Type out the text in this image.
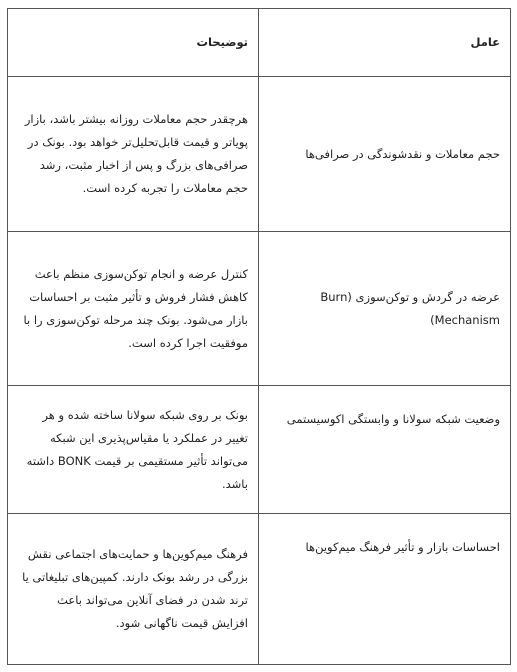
عامل	توضیحات
حجم معاملات و نقدشوندگی در صرافی‌ها	هرچقدر حجم معاملات روزانه بیشتر باشد، بازار پویاتر و قیمت قابل‌تحلیل‌تر خواهد بود. بونک در صرافی‌های بزرگ و پس از اخبار مثبت، رشد حجم معاملات را تجربه کرده است.
عرضه در گردش و توکن‌سوزی (Burn Mechanism)	کنترل عرضه و انجام توکن‌سوزی منظم باعث کاهش فشار فروش و تأثیر مثبت بر احساسات بازار می‌شود. بونک چند مرحله توکن‌سوزی را با موفقیت اجرا کرده است.
وضعیت شبکه سولانا و وابستگی اکوسیستمی	بونک بر روی شبکه سولانا ساخته شده و هر تغییر در عملکرد یا مقیاس‌پذیری این شبکه می‌تواند تأثیر مستقیمی بر قیمت BONK داشته باشد.
احساسات بازار و تأثیر فرهنگ میم‌کوین‌ها	فرهنگ میم‌کوین‌ها و حمایت‌های اجتماعی نقش بزرگی در رشد بونک دارند. کمپین‌های تبلیغاتی یا ترند شدن در فضای آنلاین می‌تواند باعث افزایش قیمت ناگهانی شود.
